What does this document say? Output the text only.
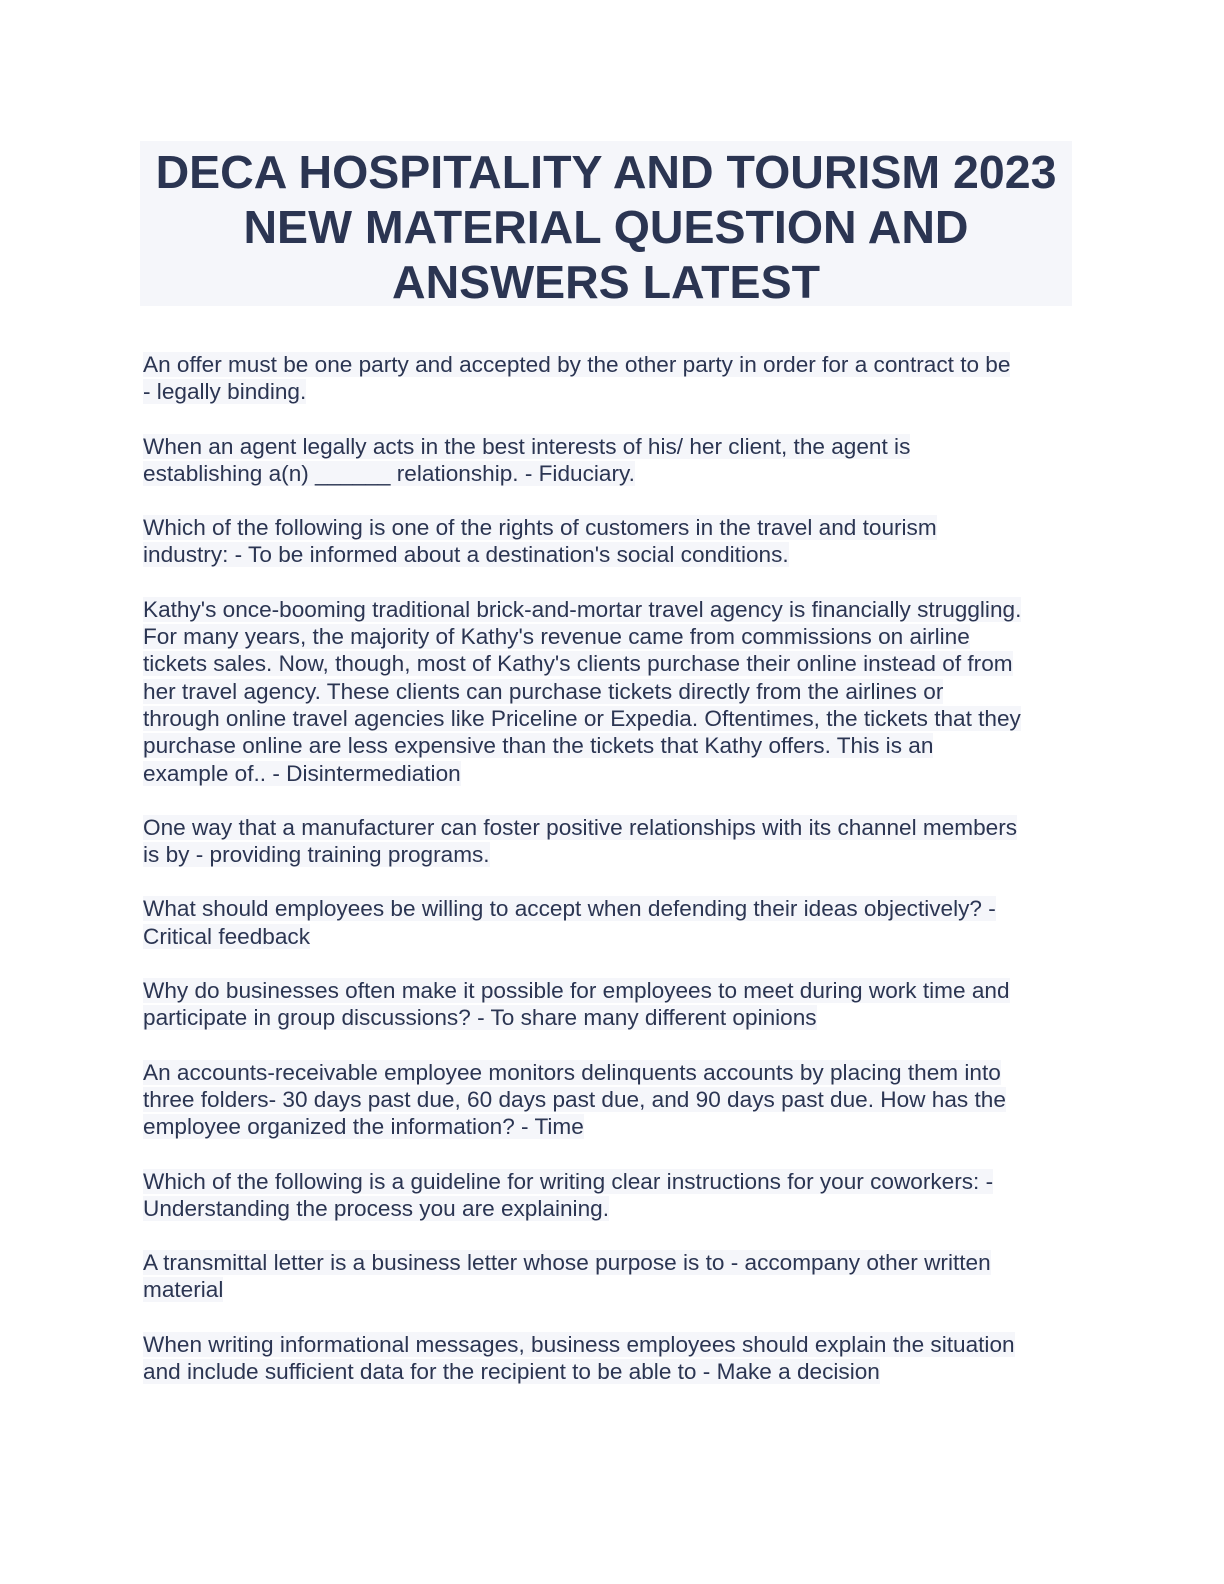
DECA HOSPITALITY AND TOURISM 2023
NEW MATERIAL QUESTION AND
ANSWERS LATEST
An offer must be one party and accepted by the other party in order for a contract to be
- legally binding.
When an agent legally acts in the best interests of his/ her client, the agent is
establishing a(n) ______ relationship. - Fiduciary.
Which of the following is one of the rights of customers in the travel and tourism
industry: - To be informed about a destination's social conditions.
Kathy's once-booming traditional brick-and-mortar travel agency is financially struggling.
For many years, the majority of Kathy's revenue came from commissions on airline
tickets sales. Now, though, most of Kathy's clients purchase their online instead of from
her travel agency. These clients can purchase tickets directly from the airlines or
through online travel agencies like Priceline or Expedia. Oftentimes, the tickets that they
purchase online are less expensive than the tickets that Kathy offers. This is an
example of.. - Disintermediation
One way that a manufacturer can foster positive relationships with its channel members
is by - providing training programs.
What should employees be willing to accept when defending their ideas objectively? -
Critical feedback
Why do businesses often make it possible for employees to meet during work time and
participate in group discussions? - To share many different opinions
An accounts-receivable employee monitors delinquents accounts by placing them into
three folders- 30 days past due, 60 days past due, and 90 days past due. How has the
employee organized the information? - Time
Which of the following is a guideline for writing clear instructions for your coworkers: -
Understanding the process you are explaining.
A transmittal letter is a business letter whose purpose is to - accompany other written
material
When writing informational messages, business employees should explain the situation
and include sufficient data for the recipient to be able to - Make a decision
